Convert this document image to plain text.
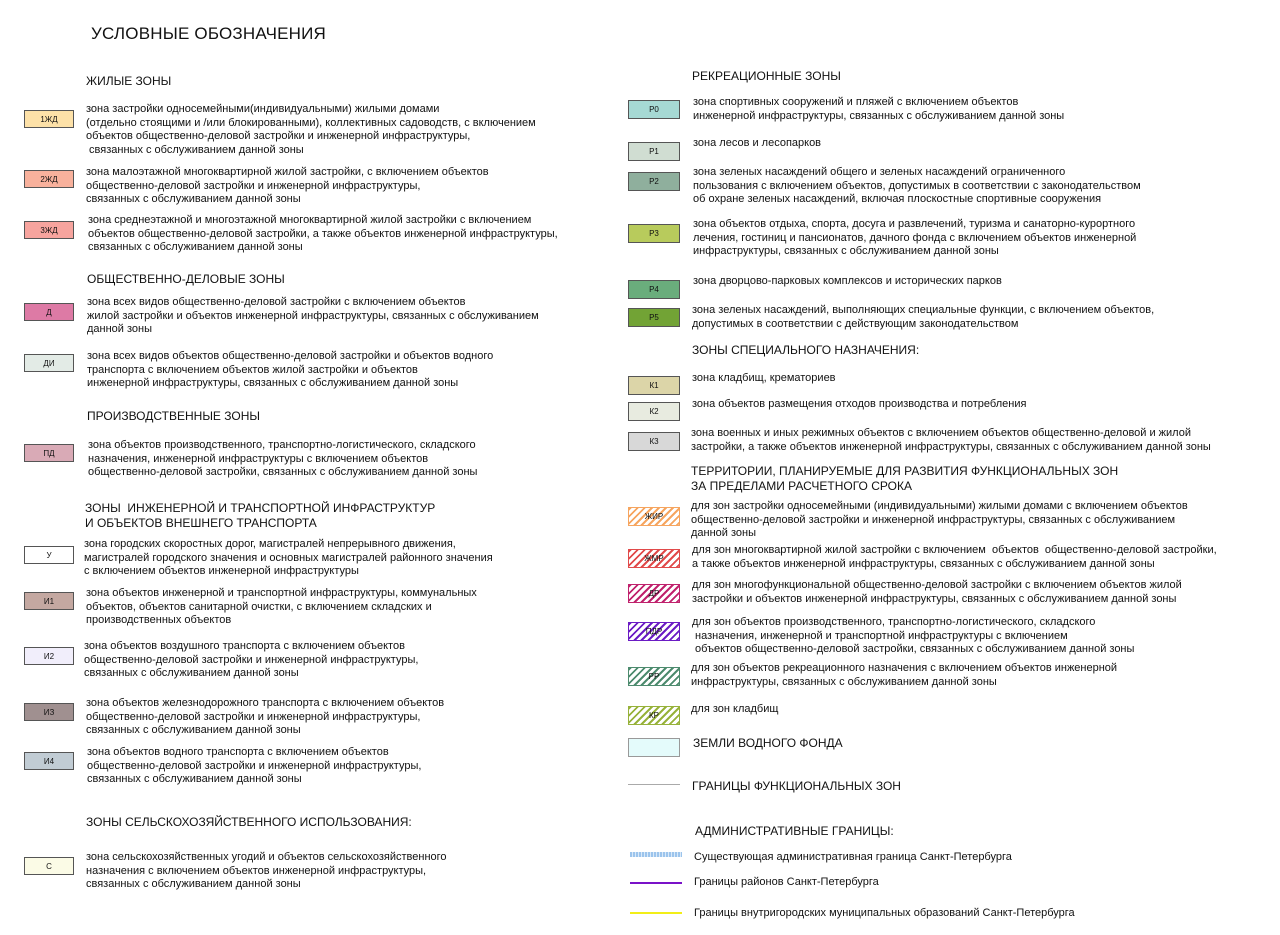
УСЛОВНЫЕ ОБОЗНАЧЕНИЯ
ЖИЛЫЕ ЗОНЫ
1ЖД
зона застройки односемейными(индивидуальными) жилыми домами
(отдельно стоящими и /или блокированными), коллективных садоводств, с включением
объектов общественно-деловой застройки и инженерной инфраструктуры,
связанных с обслуживанием данной зоны
2ЖД
зона малоэтажной многоквартирной жилой застройки, с включением объектов
общественно-деловой застройки и инженерной инфраструктуры,
связанных с обслуживанием данной зоны
3ЖД
зона среднеэтажной и многоэтажной многоквартирной жилой застройки с включением
объектов общественно-деловой застройки, а также объектов инженерной инфраструктуры,
связанных с обслуживанием данной зоны
ОБЩЕСТВЕННО-ДЕЛОВЫЕ ЗОНЫ
Д
зона всех видов общественно-деловой застройки с включением объектов
жилой застройки и объектов инженерной инфраструктуры, связанных с обслуживанием
данной зоны
ДИ
зона всех видов объектов общественно-деловой застройки и объектов водного
транспорта с включением объектов жилой застройки и объектов
инженерной инфраструктуры, связанных с обслуживанием данной зоны
ПРОИЗВОДСТВЕННЫЕ ЗОНЫ
ПД
зона объектов производственного, транспортно-логистического, складского
назначения, инженерной инфраструктуры с включением объектов
общественно-деловой застройки, связанных с обслуживанием данной зоны
ЗОНЫ  ИНЖЕНЕРНОЙ И ТРАНСПОРТНОЙ ИНФРАСТРУКТУР
И ОБЪЕКТОВ ВНЕШНЕГО ТРАНСПОРТА
У
зона городских скоростных дорог, магистралей непрерывного движения,
магистралей городского значения и основных магистралей районного значения
с включением объектов инженерной инфраструктуры
И1
зона объектов инженерной и транспортной инфраструктуры, коммунальных
объектов, объектов санитарной очистки, с включением складских и
производственных объектов
И2
зона объектов воздушного транспорта с включением объектов
общественно-деловой застройки и инженерной инфраструктуры,
связанных с обслуживанием данной зоны
ИЗ
зона объектов железнодорожного транспорта с включением объектов
общественно-деловой застройки и инженерной инфраструктуры,
связанных с обслуживанием данной зоны
И4
зона объектов водного транспорта с включением объектов
общественно-деловой застройки и инженерной инфраструктуры,
связанных с обслуживанием данной зоны
ЗОНЫ СЕЛЬСКОХОЗЯЙСТВЕННОГО ИСПОЛЬЗОВАНИЯ:
С
зона сельскохозяйственных угодий и объектов сельскохозяйственного
назначения с включением объектов инженерной инфраструктуры,
связанных с обслуживанием данной зоны
РЕКРЕАЦИОННЫЕ ЗОНЫ
Р0
зона спортивных сооружений и пляжей с включением объектов
инженерной инфраструктуры, связанных с обслуживанием данной зоны
Р1
зона лесов и лесопарков
Р2
зона зеленых насаждений общего и зеленых насаждений ограниченного
пользования с включением объектов, допустимых в соответствии с законодательством
об охране зеленых насаждений, включая плоскостные спортивные сооружения
Р3
зона объектов отдыха, спорта, досуга и развлечений, туризма и санаторно-курортного
лечения, гостиниц и пансионатов, дачного фонда с включением объектов инженерной
инфраструктуры, связанных с обслуживанием данной зоны
Р4
зона дворцово-парковых комплексов и исторических парков
Р5
зона зеленых насаждений, выполняющих специальные функции, с включением объектов,
допустимых в соответствии с действующим законодательством
ЗОНЫ СПЕЦИАЛЬНОГО НАЗНАЧЕНИЯ:
К1
зона кладбищ, крематориев
К2
зона объектов размещения отходов производства и потребления
К3
зона военных и иных режимных объектов с включением объектов общественно-деловой и жилой
застройки, а также объектов инженерной инфраструктуры, связанных с обслуживанием данной зоны
ТЕРРИТОРИИ, ПЛАНИРУЕМЫЕ ДЛЯ РАЗВИТИЯ ФУНКЦИОНАЛЬНЫХ ЗОН
ЗА ПРЕДЕЛАМИ РАСЧЕТНОГО СРОКА
ЖИР
для зон застройки односемейными (индивидуальными) жилыми домами с включением объектов
общественно-деловой застройки и инженерной инфраструктуры, связанных с обслуживанием
данной зоны
ЖМР
для зон многоквартирной жилой застройки с включением  объектов  общественно-деловой застройки,
а также объектов инженерной инфраструктуры, связанных с обслуживанием данной зоны
ДР
для зон многофункциональной общественно-деловой застройки с включением объектов жилой
застройки и объектов инженерной инфраструктуры, связанных с обслуживанием данной зоны
ПДР
для зон объектов производственного, транспортно-логистического, складского
назначения, инженерной и транспортной инфраструктуры с включением
объектов общественно-деловой застройки, связанных с обслуживанием данной зоны
РР
для зон объектов рекреационного назначения с включением объектов инженерной
инфраструктуры, связанных с обслуживанием данной зоны
КР
для зон кладбищ
ЗЕМЛИ ВОДНОГО ФОНДА
ГРАНИЦЫ ФУНКЦИОНАЛЬНЫХ ЗОН
АДМИНИСТРАТИВНЫЕ ГРАНИЦЫ:
Существующая административная граница Санкт-Петербурга
Границы районов Санкт-Петербурга
Границы внутригородских муниципальных образований Санкт-Петербурга
